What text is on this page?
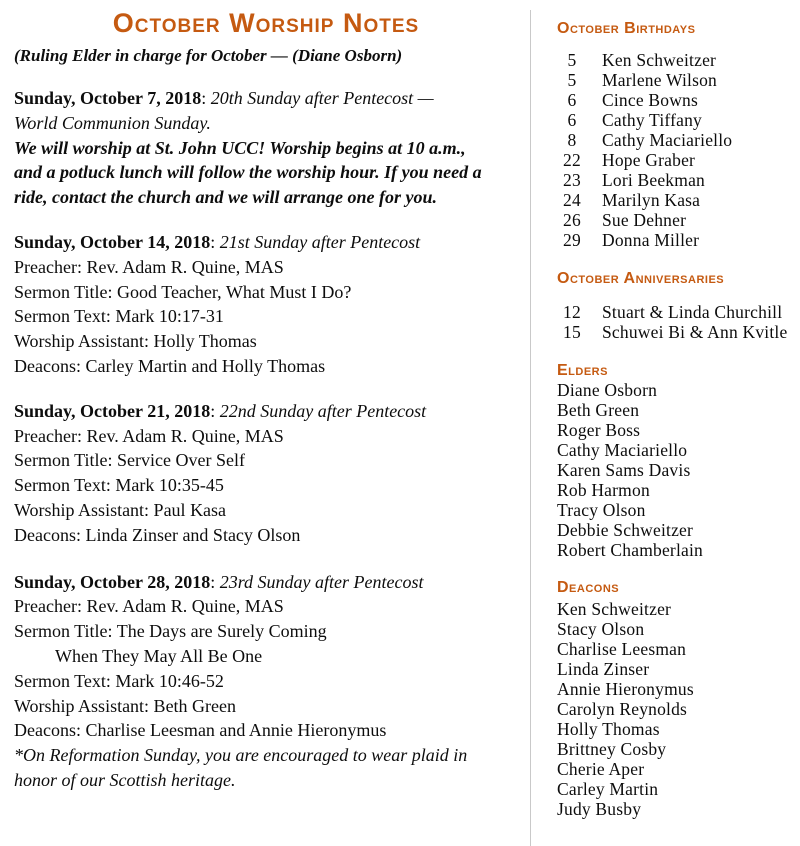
October Worship Notes

(Ruling Elder in charge for October — (Diane Osborn)

Sunday, October 7, 2018: 20th Sunday after Pentecost —

World Communion Sunday.

We will worship at St. John UCC! Worship begins at 10 a.m.,

and a potluck lunch will follow the worship hour. If you need a

ride, contact the church and we will arrange one for you.

Sunday, October 14, 2018: 21st Sunday after Pentecost

Preacher: Rev. Adam R. Quine, MAS

Sermon Title: Good Teacher, What Must I Do?

Sermon Text: Mark 10:17-31

Worship Assistant: Holly Thomas

Deacons: Carley Martin and Holly Thomas

Sunday, October 21, 2018: 22nd Sunday after Pentecost

Preacher: Rev. Adam R. Quine, MAS

Sermon Title: Service Over Self

Sermon Text: Mark 10:35-45

Worship Assistant: Paul Kasa

Deacons: Linda Zinser and Stacy Olson

Sunday, October 28, 2018: 23rd Sunday after Pentecost

Preacher: Rev. Adam R. Quine, MAS

Sermon Title: The Days are Surely Coming

When They May All Be One

Sermon Text: Mark 10:46-52

Worship Assistant: Beth Green

Deacons: Charlise Leesman and Annie Hieronymus

*On Reformation Sunday, you are encouraged to wear plaid in

honor of our Scottish heritage.

October Birthdays
5	Ken Schweitzer
5	Marlene Wilson
6	Cince Bowns
6	Cathy Tiffany
8	Cathy Maciariello
22	Hope Graber
23	Lori Beekman
24	Marilyn Kasa
26	Sue Dehner
29	Donna Miller
October Anniversaries
12	Stuart & Linda Churchill
15	Schuwei Bi & Ann Kvitle
Elders

Diane Osborn

Beth Green

Roger Boss

Cathy Maciariello

Karen Sams Davis

Rob Harmon

Tracy Olson

Debbie Schweitzer

Robert Chamberlain

Deacons

Ken Schweitzer

Stacy Olson

Charlise Leesman

Linda Zinser

Annie Hieronymus

Carolyn Reynolds

Holly Thomas

Brittney Cosby

Cherie Aper

Carley Martin

Judy Busby
